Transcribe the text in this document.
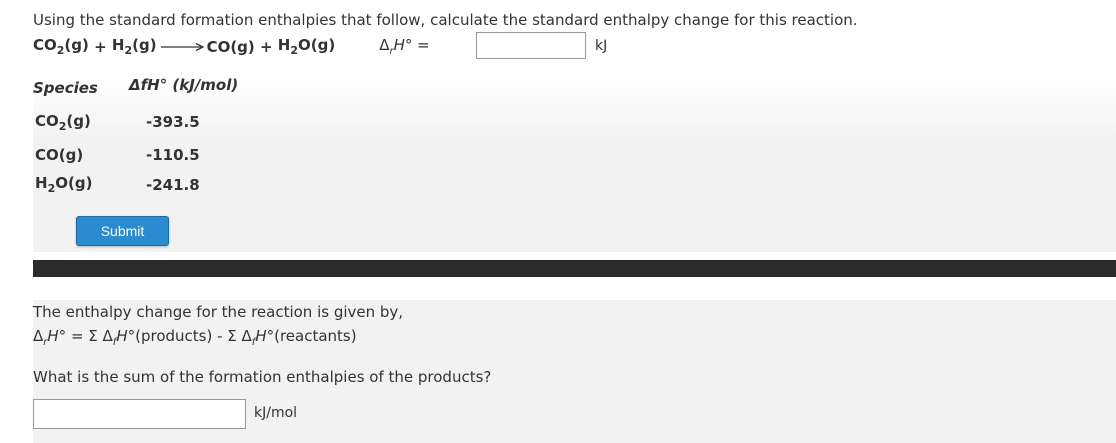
Using the standard formation enthalpies that follow, calculate the standard enthalpy change for this reaction.
$CO_2(g) + H_2(g) \to CO(g) + H_2O(g)$	$\Delta_rH^\circ$ =	kJ
Species ΔfH° (kJ/mol)
$CO_2(g)$	-393.5
CO(g)	-110.5
$H_2O(g)$	-241.8
Submit
The enthalpy change for the reaction is given by,
$\Delta_rH^\circ = \Sigma$ $\Delta_fH^\circ(products)$ - Σ $\Delta_fH^\circ(reactants)$
What is the sum of the formation enthalpies of the products?
kJ/mol
